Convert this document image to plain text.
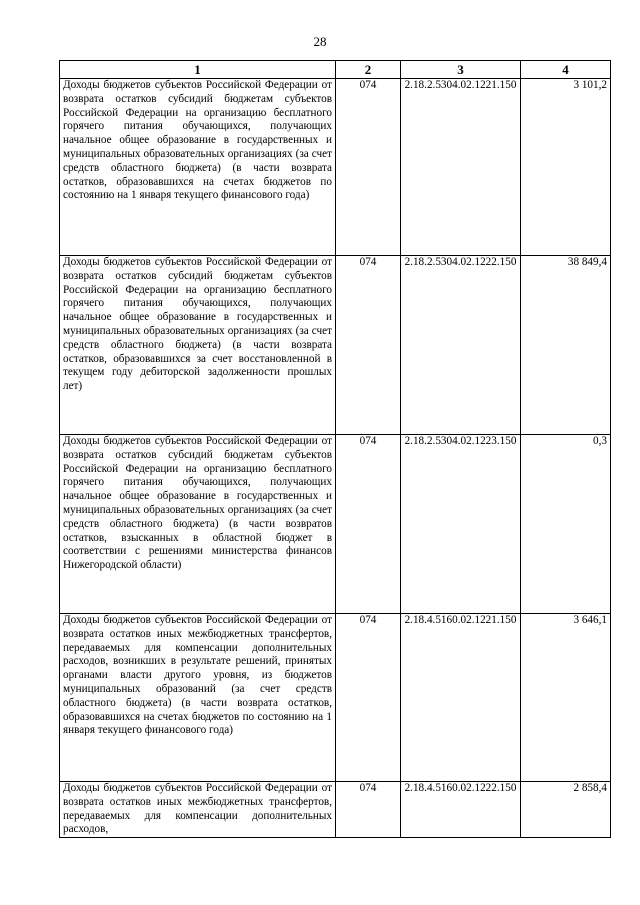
28
1	2	3	4
Доходы бюджетов субъектов Российской Федерации от возврата остатков субсидий бюджетам субъектов Российской Федерации на организацию бесплатного горячего питания обучающихся, получающих начальное общее образование в государственных и муниципальных образовательных организациях (за счет средств областного бюджета) (в части возврата остатков, образовавшихся на счетах бюджетов по состоянию на 1 января текущего финансового года)	074	2.18.2.5304.02.1221.150	3 101,2
Доходы бюджетов субъектов Российской Федерации от возврата остатков субсидий бюджетам субъектов Российской Федерации на организацию бесплатного горячего питания обучающихся, получающих начальное общее образование в государственных и муниципальных образовательных организациях (за счет средств областного бюджета) (в части возврата остатков, образовавшихся за счет восстановленной в текущем году дебиторской задолженности прошлых лет)	074	2.18.2.5304.02.1222.150	38 849,4
Доходы бюджетов субъектов Российской Федерации от возврата остатков субсидий бюджетам субъектов Российской Федерации на организацию бесплатного горячего питания обучающихся, получающих начальное общее образование в государственных и муниципальных образовательных организациях (за счет средств областного бюджета) (в части возвратов остатков, взысканных в областной бюджет в соответствии с решениями министерства финансов Нижегородской области)	074	2.18.2.5304.02.1223.150	0,3
Доходы бюджетов субъектов Российской Федерации от возврата остатков иных межбюджетных трансфертов, передаваемых для компенсации дополнительных расходов, возникших в результате решений, принятых органами власти другого уровня, из бюджетов муниципальных образований (за счет средств областного бюджета) (в части возврата остатков, образовавшихся на счетах бюджетов по состоянию на 1 января текущего финансового года)	074	2.18.4.5160.02.1221.150	3 646,1
Доходы бюджетов субъектов Российской Федерации от возврата остатков иных межбюджетных трансфертов, передаваемых для компенсации дополнительных расходов,	074	2.18.4.5160.02.1222.150	2 858,4
